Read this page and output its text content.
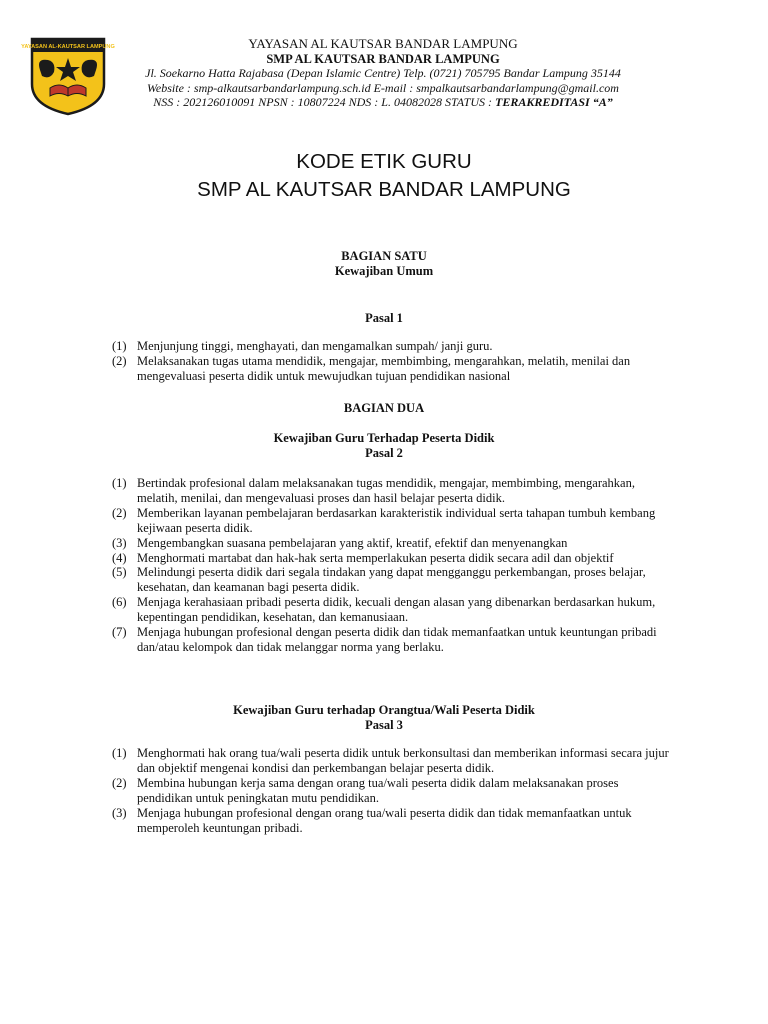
YAYASAN AL-KAUTSAR LAMPUNG	YAYASAN AL KAUTSAR BANDAR LAMPUNG
SMP AL KAUTSAR BANDAR LAMPUNG
Jl. Soekarno Hatta Rajabasa (Depan Islamic Centre) Telp. (0721) 705795 Bandar Lampung 35144
Website : smp-alkautsarbandarlampung.sch.id E-mail : smpalkautsarbandarlampung@gmail.com
NSS : 202126010091 NPSN : 10807224 NDS : L. 04082028 STATUS : TERAKREDITASI “A”
KODE ETIK GURU
SMP AL KAUTSAR BANDAR LAMPUNG
BAGIAN SATU
Kewajiban Umum
Pasal 1
(1) Menjunjung tinggi, menghayati, dan mengamalkan sumpah/ janji guru.
(2) Melaksanakan tugas utama mendidik, mengajar, membimbing, mengarahkan, melatih, menilai dan mengevaluasi peserta didik untuk mewujudkan tujuan pendidikan nasional
BAGIAN DUA
Kewajiban Guru Terhadap Peserta Didik
Pasal 2
(1) Bertindak profesional dalam melaksanakan tugas mendidik, mengajar, membimbing, mengarahkan, melatih, menilai, dan mengevaluasi proses dan hasil belajar peserta didik.
(2) Memberikan layanan pembelajaran berdasarkan karakteristik individual serta tahapan tumbuh kembang kejiwaan peserta didik.
(3) Mengembangkan suasana pembelajaran yang aktif, kreatif, efektif dan menyenangkan
(4) Menghormati martabat dan hak-hak serta memperlakukan peserta didik secara adil dan objektif
(5) Melindungi peserta didik dari segala tindakan yang dapat mengganggu perkembangan, proses belajar, kesehatan, dan keamanan bagi peserta didik.
(6) Menjaga kerahasiaan pribadi peserta didik, kecuali dengan alasan yang dibenarkan berdasarkan hukum, kepentingan pendidikan, kesehatan, dan kemanusiaan.
(7) Menjaga hubungan profesional dengan peserta didik dan tidak memanfaatkan untuk keuntungan pribadi dan/atau kelompok dan tidak melanggar norma yang berlaku.
Kewajiban Guru terhadap Orangtua/Wali Peserta Didik
Pasal 3
(1) Menghormati hak orang tua/wali peserta didik untuk berkonsultasi dan memberikan informasi secara jujur dan objektif mengenai kondisi dan perkembangan belajar peserta didik.
(2) Membina hubungan kerja sama dengan orang tua/wali peserta didik dalam melaksanakan proses pendidikan untuk peningkatan mutu pendidikan.
(3) Menjaga hubungan profesional dengan orang tua/wali peserta didik dan tidak memanfaatkan untuk memperoleh keuntungan pribadi.
